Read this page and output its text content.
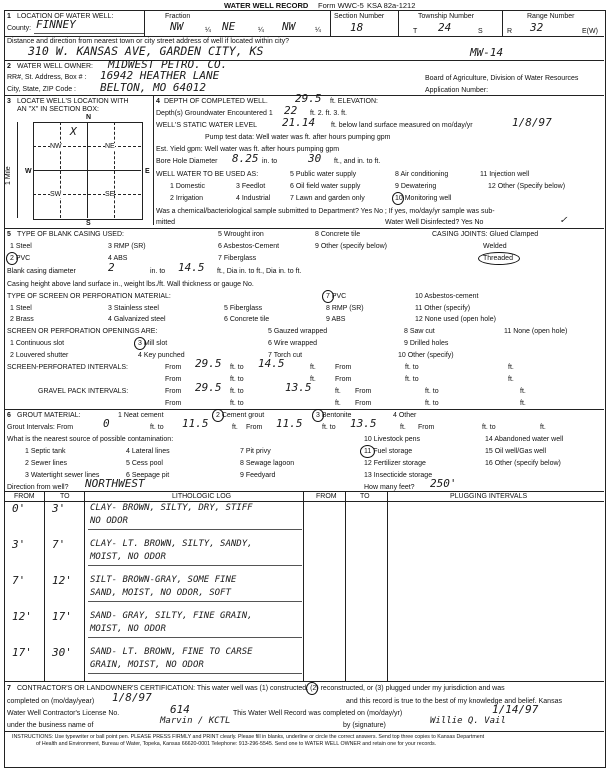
WATER WELL RECORD Form WWC-5 KSA 82a-1212
1 LOCATION OF WATER WELL:
County: FINNEY
Fraction
NW	¼ NE	¼ NW	¼
Section Number
18
Township Number
T 24	S
Range Number
R 32	E(W)
Distance and direction from nearest town or city street address of well if located within city?
310 W. KANSAS AVE, GARDEN CITY, KS	MW-14
2 WATER WELL OWNER: MIDWEST PETRO. CO.
RR#, St. Address, Box # : 16942 HEATHER LANE
City, State, ZIP Code : BELTON, MO 64012
Board of Agriculture, Division of Water Resources
Application Number:
3 LOCATE WELL'S LOCATION WITH
AN "X" IN SECTION BOX:
N
S
W	E
NW	NE
SW	SE
X
1 Mile
4 DEPTH OF COMPLETED WELL. 29.5 ft. ELEVATION:
Depth(s) Groundwater Encountered 1 22 ft. 2. ft. 3. ft.
WELL'S STATIC WATER LEVEL 21.14 ft. below land surface measured on mo/day/yr	1/8/97
Pump test data: Well water was ft. after hours pumping gpm
Est. Yield gpm: Well water was ft. after hours pumping gpm
Bore Hole Diameter 8.25 in. to	30 ft., and in. to ft.
WELL WATER TO BE USED AS:
1 Domestic	3 Feedlot
5 Public water supply	8 Air conditioning	11 Injection well
2 Irrigation	4 Industrial	7 Lawn and garden only
9 Dewatering	12 Other (Specify below)
6 Oil field water supply
10 Monitoring well
Was a chemical/bacteriological sample submitted to Department? Yes No ; If yes, mo/day/yr sample was sub-
mitted	Water Well Disinfected? Yes No	✓
5 TYPE OF BLANK CASING USED:
1 Steel
2 PVC
3 RMP (SR)
4 ABS
5 Wrought iron
6 Asbestos-Cement
7 Fiberglass
8 Concrete tile
9 Other (specify below)
CASING JOINTS: Glued Clamped
Welded
Threaded
Blank casing diameter	2	in. to 14.5 ft., Dia in. to ft., Dia in. to ft.
Casing height above land surface in., weight lbs./ft. Wall thickness or gauge No.
TYPE OF SCREEN OR PERFORATION MATERIAL:
1 Steel
2 Brass
3 Stainless steel
4 Galvanized steel
5 Fiberglass
6 Concrete tile
7 PVC
8 RMP (SR)
9 ABS
10 Asbestos-cement
11 Other (specify)
12 None used (open hole)
SCREEN OR PERFORATION OPENINGS ARE:
1 Continuous slot
2 Louvered shutter
3 Mill slot
4 Key punched
5 Gauzed wrapped
6 Wire wrapped
7 Torch cut
8 Saw cut
9 Drilled holes
10 Other (specify)
11 None (open hole)
SCREEN-PERFORATED INTERVALS:	From 29.5 ft. to 14.5	ft.	From	ft. to	ft.
From	ft. to	ft.	From	ft. to	ft.
GRAVEL PACK INTERVALS:	From 29.5 ft. to	13.5	ft. From	ft. to	ft.
From	ft. to	ft. From	ft. to	ft.
6 GROUT MATERIAL:	1 Neat cement	2 Cement grout	3 Bentonite	4 Other
Grout Intervals: From	0	ft. to 11.5	ft. From 11.5	ft. to 13.5	ft. From	ft. to	ft.
What is the nearest source of possible contamination:
1 Septic tank
2 Sewer lines
3 Watertight sewer lines
4 Lateral lines
5 Cess pool
6 Seepage pit
7 Pit privy
8 Sewage lagoon
9 Feedyard
10 Livestock pens
11 Fuel storage
12 Fertilizer storage
13 Insecticide storage
14 Abandoned water well
15 Oil well/Gas well
16 Other (specify below)
Direction from well? NORTHWEST	How many feet? 250'
FROM	TO	LITHOLOGIC LOG	FROM	TO	PLUGGING INTERVALS
0' 3'	CLAY- BROWN, SILTY, DRY, STIFF
NO ODOR
3' 7'	CLAY- LT. BROWN, SILTY, SANDY,
MOIST, NO ODOR
7' 12' SILT- BROWN-GRAY, SOME FINE
SAND, MOIST, NO ODOR, SOFT
12' 17' SAND- GRAY, SILTY, FINE GRAIN,
MOIST, NO ODOR
17' 30' SAND- LT. BROWN, FINE TO CARSE
GRAIN, MOIST, NO ODOR
7 CONTRACTOR'S OR LANDOWNER'S CERTIFICATION: This water well was (1) constructed, (2) reconstructed, or (3) plugged under my jurisdiction and was
completed on (mo/day/year) 1/8/97	and this record is true to the best of my knowledge and belief. Kansas
Water Well Contractor's License No.	614	This Water Well Record was completed on (mo/day/yr)	1/14/97
under the business name of	Marvin / KCTL	by (signature)	Willie Q. Vail
INSTRUCTIONS: Use typewriter or ball point pen. PLEASE PRESS FIRMLY and PRINT clearly. Please fill in blanks, underline or circle the correct answers. Send top three copies to Kansas Department
of Health and Environment, Bureau of Water, Topeka, Kansas 66620-0001 Telephone: 913-296-5545. Send one to WATER WELL OWNER and retain one for your records.
